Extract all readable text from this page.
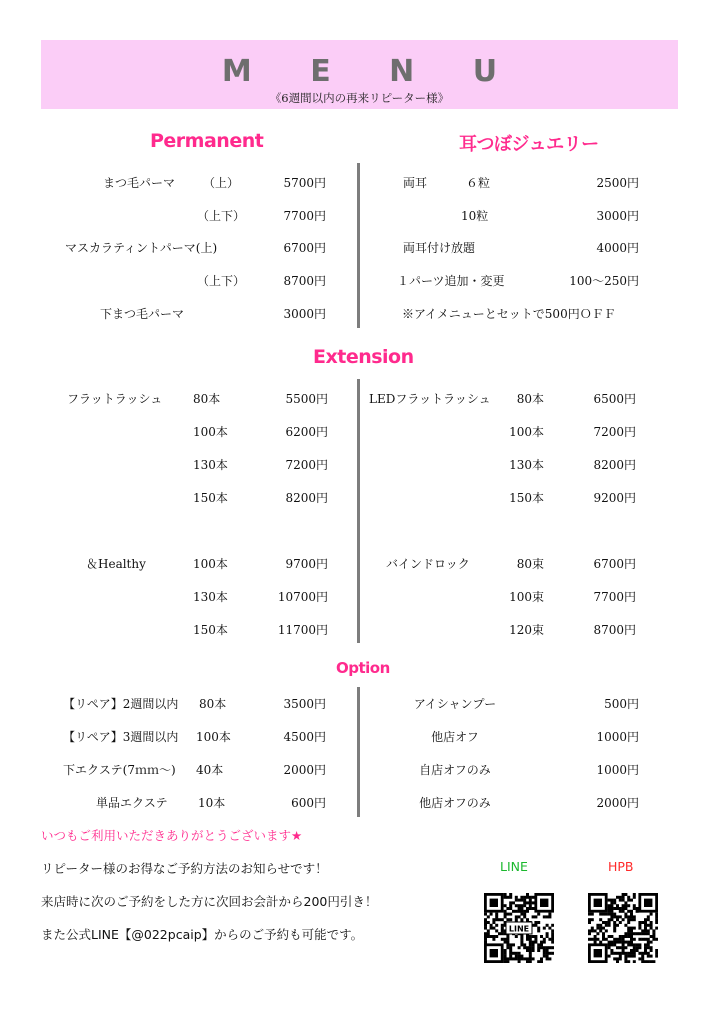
M E N U
《6週間以内の再来リピーター様》
Permanent	耳つぼジュエリー
まつ毛パーマ （上）	5700円
（上下）	7700円
マスカラティントパーマ(上)	6700円
（上下）	8700円
下まつ毛パーマ	3000円
両耳	６粒	2500円
10粒	3000円
両耳付け放題	4000円
１パーツ追加・変更	100～250円
※アイメニューとセットで500円ＯＦＦ
Extension
フラットラッシュ	80本	5500円
100本	6200円
130本	7200円
150本	8200円
＆Healthy	100本	9700円
130本	10700円
150本	11700円
LEDフラットラッシュ 80本	6500円
100本	7200円
130本	8200円
150本	9200円
バインドロック	80束	6700円
100束	7700円
120束	8700円
Option
【リペア】2週間以内 80本	3500円
【リペア】3週間以内 100本	4500円
下エクステ(7ｍｍ～) 40本	2000円
単品エクステ	10本	600円
アイシャンプー	500円
他店オフ	1000円
自店オフのみ	1000円
他店オフのみ	2000円
いつもご利用いただきありがとうございます★
リピーター様のお得なご予約方法のお知らせです！
来店時に次のご予約をした方に次回お会計から200円引き！
また公式LINE【@022pcaip】からのご予約も可能です。
LINE	HPB
LINE
